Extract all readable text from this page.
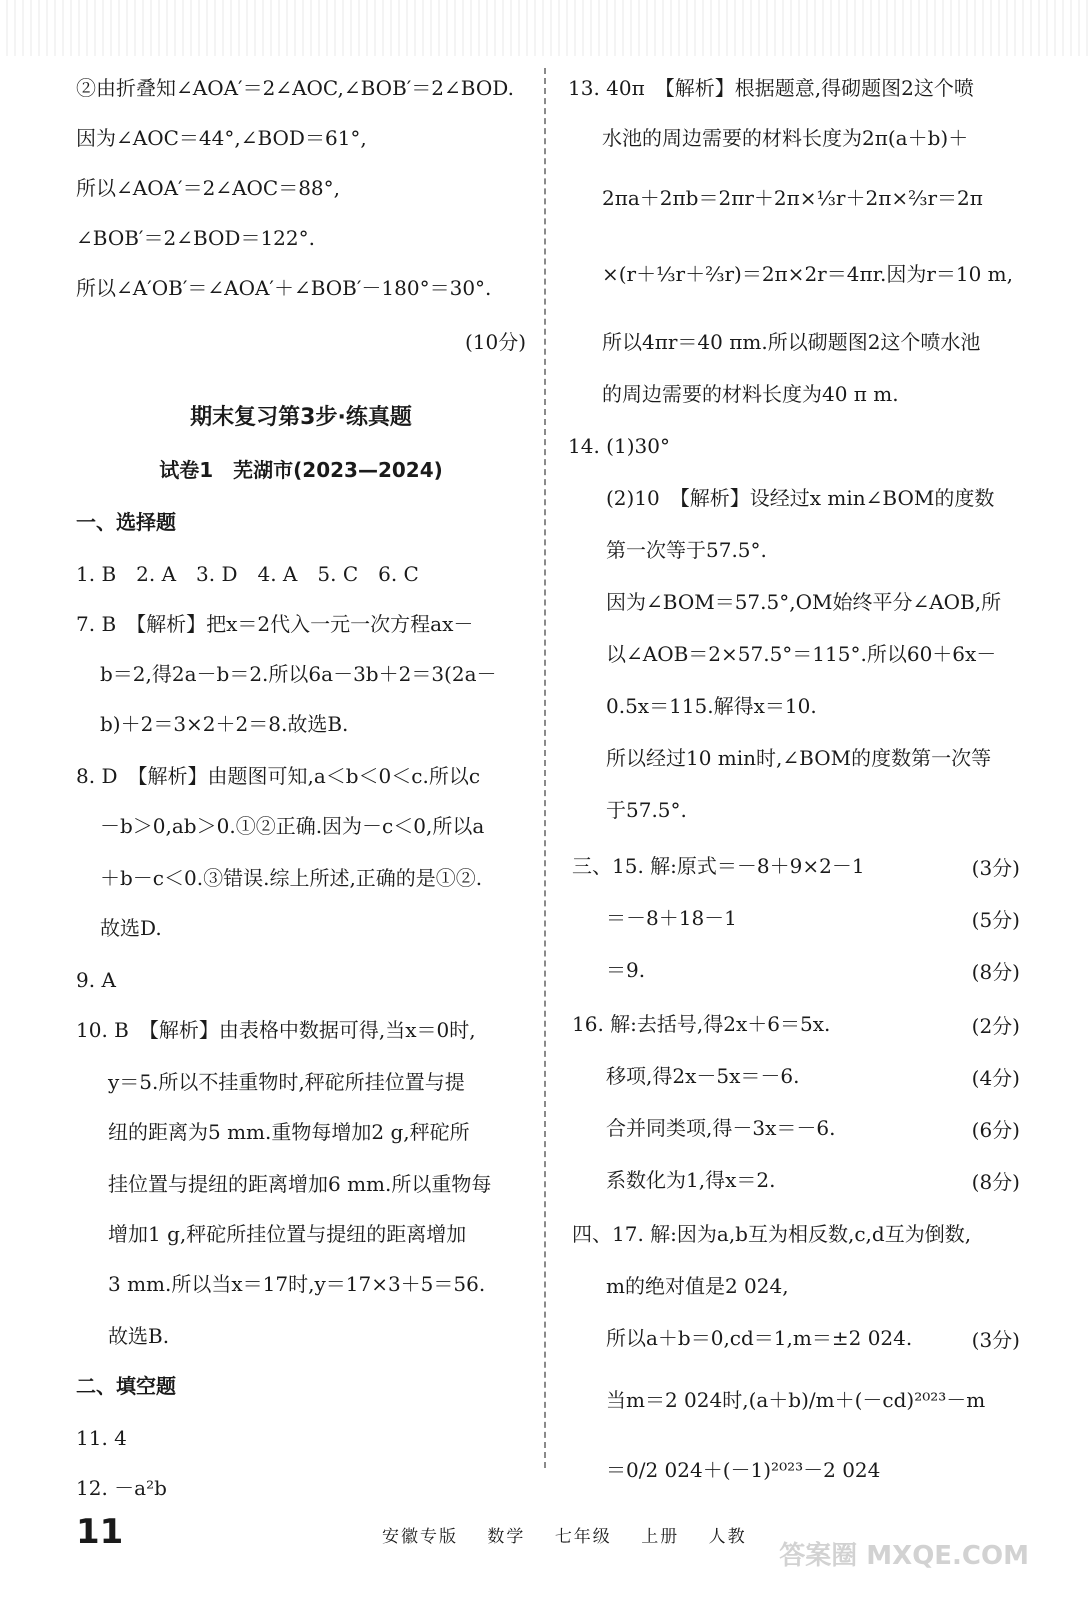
②由折叠知∠AOA′＝2∠AOC,∠BOB′＝2∠BOD.
因为∠AOC＝44°,∠BOD＝61°,
所以∠AOA′＝2∠AOC＝88°,
∠BOB′＝2∠BOD＝122°.
所以∠A′OB′＝∠AOA′＋∠BOB′－180°＝30°.
(10分)
期末复习第3步·练真题
试卷1　芜湖市(2023—2024)
一、选择题
1. B　2. A　3. D　4. A　5. C　6. C
7. B　【解析】把x＝2代入一元一次方程ax－
b＝2,得2a－b＝2.所以6a－3b＋2＝3(2a－
b)＋2＝3×2＋2＝8.故选B.
8. D　【解析】由题图可知,a＜b＜0＜c.所以c
－b＞0,ab＞0.①②正确.因为－c＜0,所以a
＋b－c＜0.③错误.综上所述,正确的是①②.
故选D.
9. A
10. B　【解析】由表格中数据可得,当x＝0时,
y＝5.所以不挂重物时,秤砣所挂位置与提
纽的距离为5 mm.重物每增加2 g,秤砣所
挂位置与提纽的距离增加6 mm.所以重物每
增加1 g,秤砣所挂位置与提纽的距离增加
3 mm.所以当x＝17时,y＝17×3＋5＝56.
故选B.
二、填空题
11. 4
12. －a²b
13. 40π　【解析】根据题意,得砌题图2这个喷
水池的周边需要的材料长度为2π(a＋b)＋
2πa＋2πb＝2πr＋2π×⅓r＋2π×⅔r＝2π
×(r＋⅓r＋⅔r)＝2π×2r＝4πr.因为r＝10 m,
所以4πr＝40 πm.所以砌题图2这个喷水池
的周边需要的材料长度为40 π m.
14. (1)30°
(2)10　【解析】设经过x min∠BOM的度数
第一次等于57.5°.
因为∠BOM＝57.5°,OM始终平分∠AOB,所
以∠AOB＝2×57.5°＝115°.所以60＋6x－
0.5x＝115.解得x＝10.
所以经过10 min时,∠BOM的度数第一次等
于57.5°.
三、15. 解:原式＝－8＋9×2－1	(3分)
＝－8＋18－1	(5分)
＝9.	(8分)
16. 解:去括号,得2x＋6＝5x.	(2分)
移项,得2x－5x＝－6.	(4分)
合并同类项,得－3x＝－6.	(6分)
系数化为1,得x＝2.	(8分)
四、17. 解:因为a,b互为相反数,c,d互为倒数,
m的绝对值是2 024,
所以a＋b＝0,cd＝1,m＝±2 024.	(3分)
当m＝2 024时,(a＋b)/m＋(－cd)²⁰²³－m
＝0/2 024＋(－1)²⁰²³－2 024
11	安徽专版 数学 七年级 上册 人教
答案圈 MXQE.COM
